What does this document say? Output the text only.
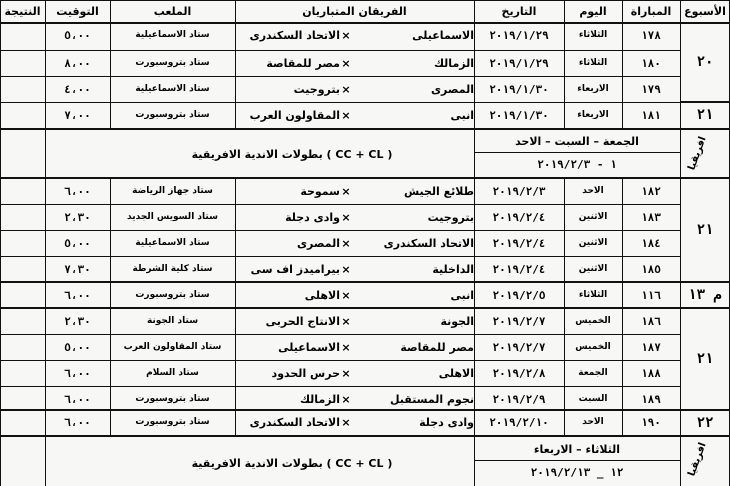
الأسبوع
المباراة
اليوم
التاريخ
الفريقان المتباريان
الملعب
التوقيت
النتيجة
١٧٨
الثلاثاء
٢٠١٩/١/٢٩
الاسماعيلى
×
الاتحاد السكندرى
ستاد الاسماعيلية
٥،٠٠
١٨٠
الثلاثاء
٢٠١٩/١/٢٩
الزمالك
×
مصر للمقاصة
ستاد بتروسبورت
٨،٠٠
١٧٩
الاربعاء
٢٠١٩/١/٣٠
المصرى
×
بتروجيت
ستاد الاسماعيلية
٤،٠٠
١٨١
الاربعاء
٢٠١٩/١/٣٠
انبى
×
المقاولون العرب
ستاد بتروسبورت
٧،٠٠
بطولات الاندية الافريقية ( CC + CL )
الجمعة – السبت – الاحد
١ - ٢٠١٩/٢/٣	افريقيا
١٨٢
الاحد
٢٠١٩/٢/٣
طلائع الجيش
×
سموحة
ستاد جهاز الرياضة
٦،٠٠
١٨٣
الاثنين
٢٠١٩/٢/٤
بتروجيت
×
وادى دجلة
ستاد السويس الجديد
٢،٣٠
١٨٤
الاثنين
٢٠١٩/٢/٤
الاتحاد السكندرى
×
المصرى
ستاد الاسماعيلية
٥،٠٠
١٨٥
الاثنين
٢٠١٩/٢/٤
الداخلية
×
بيراميدز اف سى
ستاد كلية الشرطة
٧،٣٠
١١٦
الثلاثاء
٢٠١٩/٢/٥
انبى
×
الاهلى
ستاد بتروسبورت
٦،٠٠
١٨٦
الخميس
٢٠١٩/٢/٧
الجونة
×
الانتاج الحربى
ستاد الجونة
٢،٣٠
١٨٧
الخميس
٢٠١٩/٢/٧
مصر للمقاصة
×
الاسماعيلى
ستاد المقاولون العرب
٥،٠٠
١٨٨
الجمعة
٢٠١٩/٢/٨
الاهلى
×
حرس الحدود
ستاد السلام
٦،٠٠
١٨٩
السبت
٢٠١٩/٢/٩
نجوم المستقبل
×
الزمالك
ستاد بتروسبورت
٦،٠٠
١٩٠
الاحد
٢٠١٩/٢/١٠
وادى دجلة
×
الاتحاد السكندرى
ستاد بتروسبورت
٦،٠٠
بطولات الاندية الافريقية ( CC + CL )
الثلاثاء – الاربعاء
١٢ _ ٢٠١٩/٢/١٣	افريقيا
٢٠
٢١
٢١
م ١٣
٢١
٢٢
